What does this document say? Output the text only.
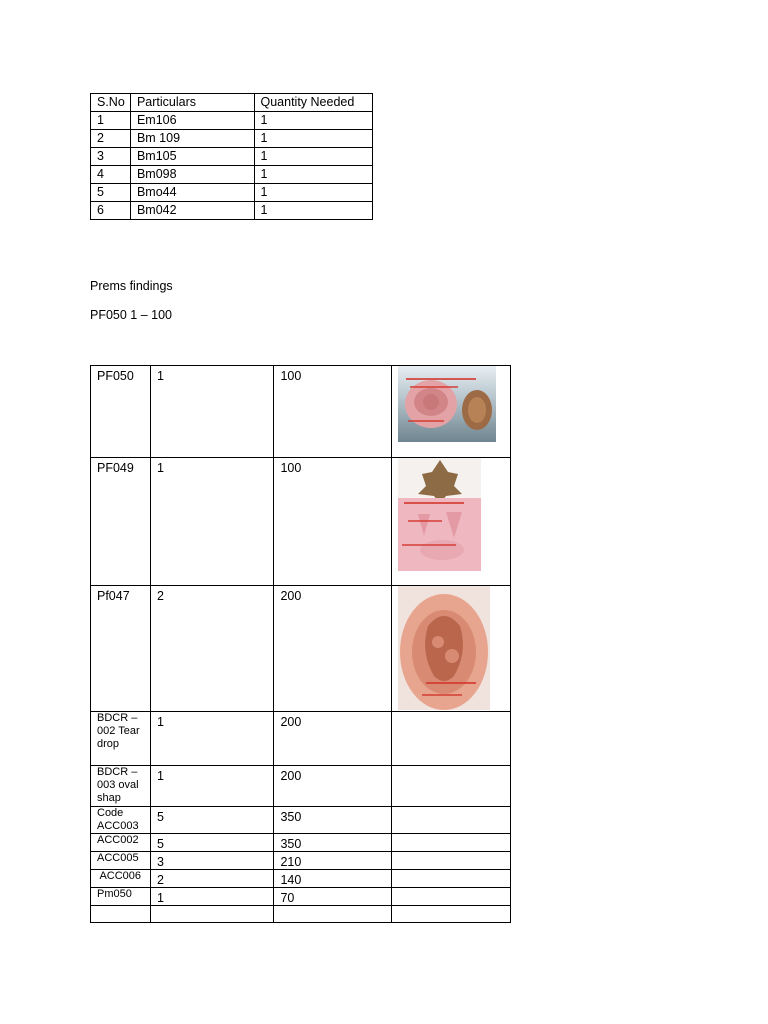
S.No	Particulars	Quantity Needed
1	Em106	1
2	Bm 109	1
3	Bm105	1
4	Bm098	1
5	Bmo44	1
6	Bm042	1

Prems findings

PF050 1 – 100

PF050	1	100	

PF049	1	100	

Pf047	2	200	

BDCR – 002 Tear drop	1	200	
BDCR – 003 oval shap	1	200	
Code ACC003	5	350	
ACC002	5	350	
ACC005	3	210	
ACC006	2	140	
Pm050	1	70	
